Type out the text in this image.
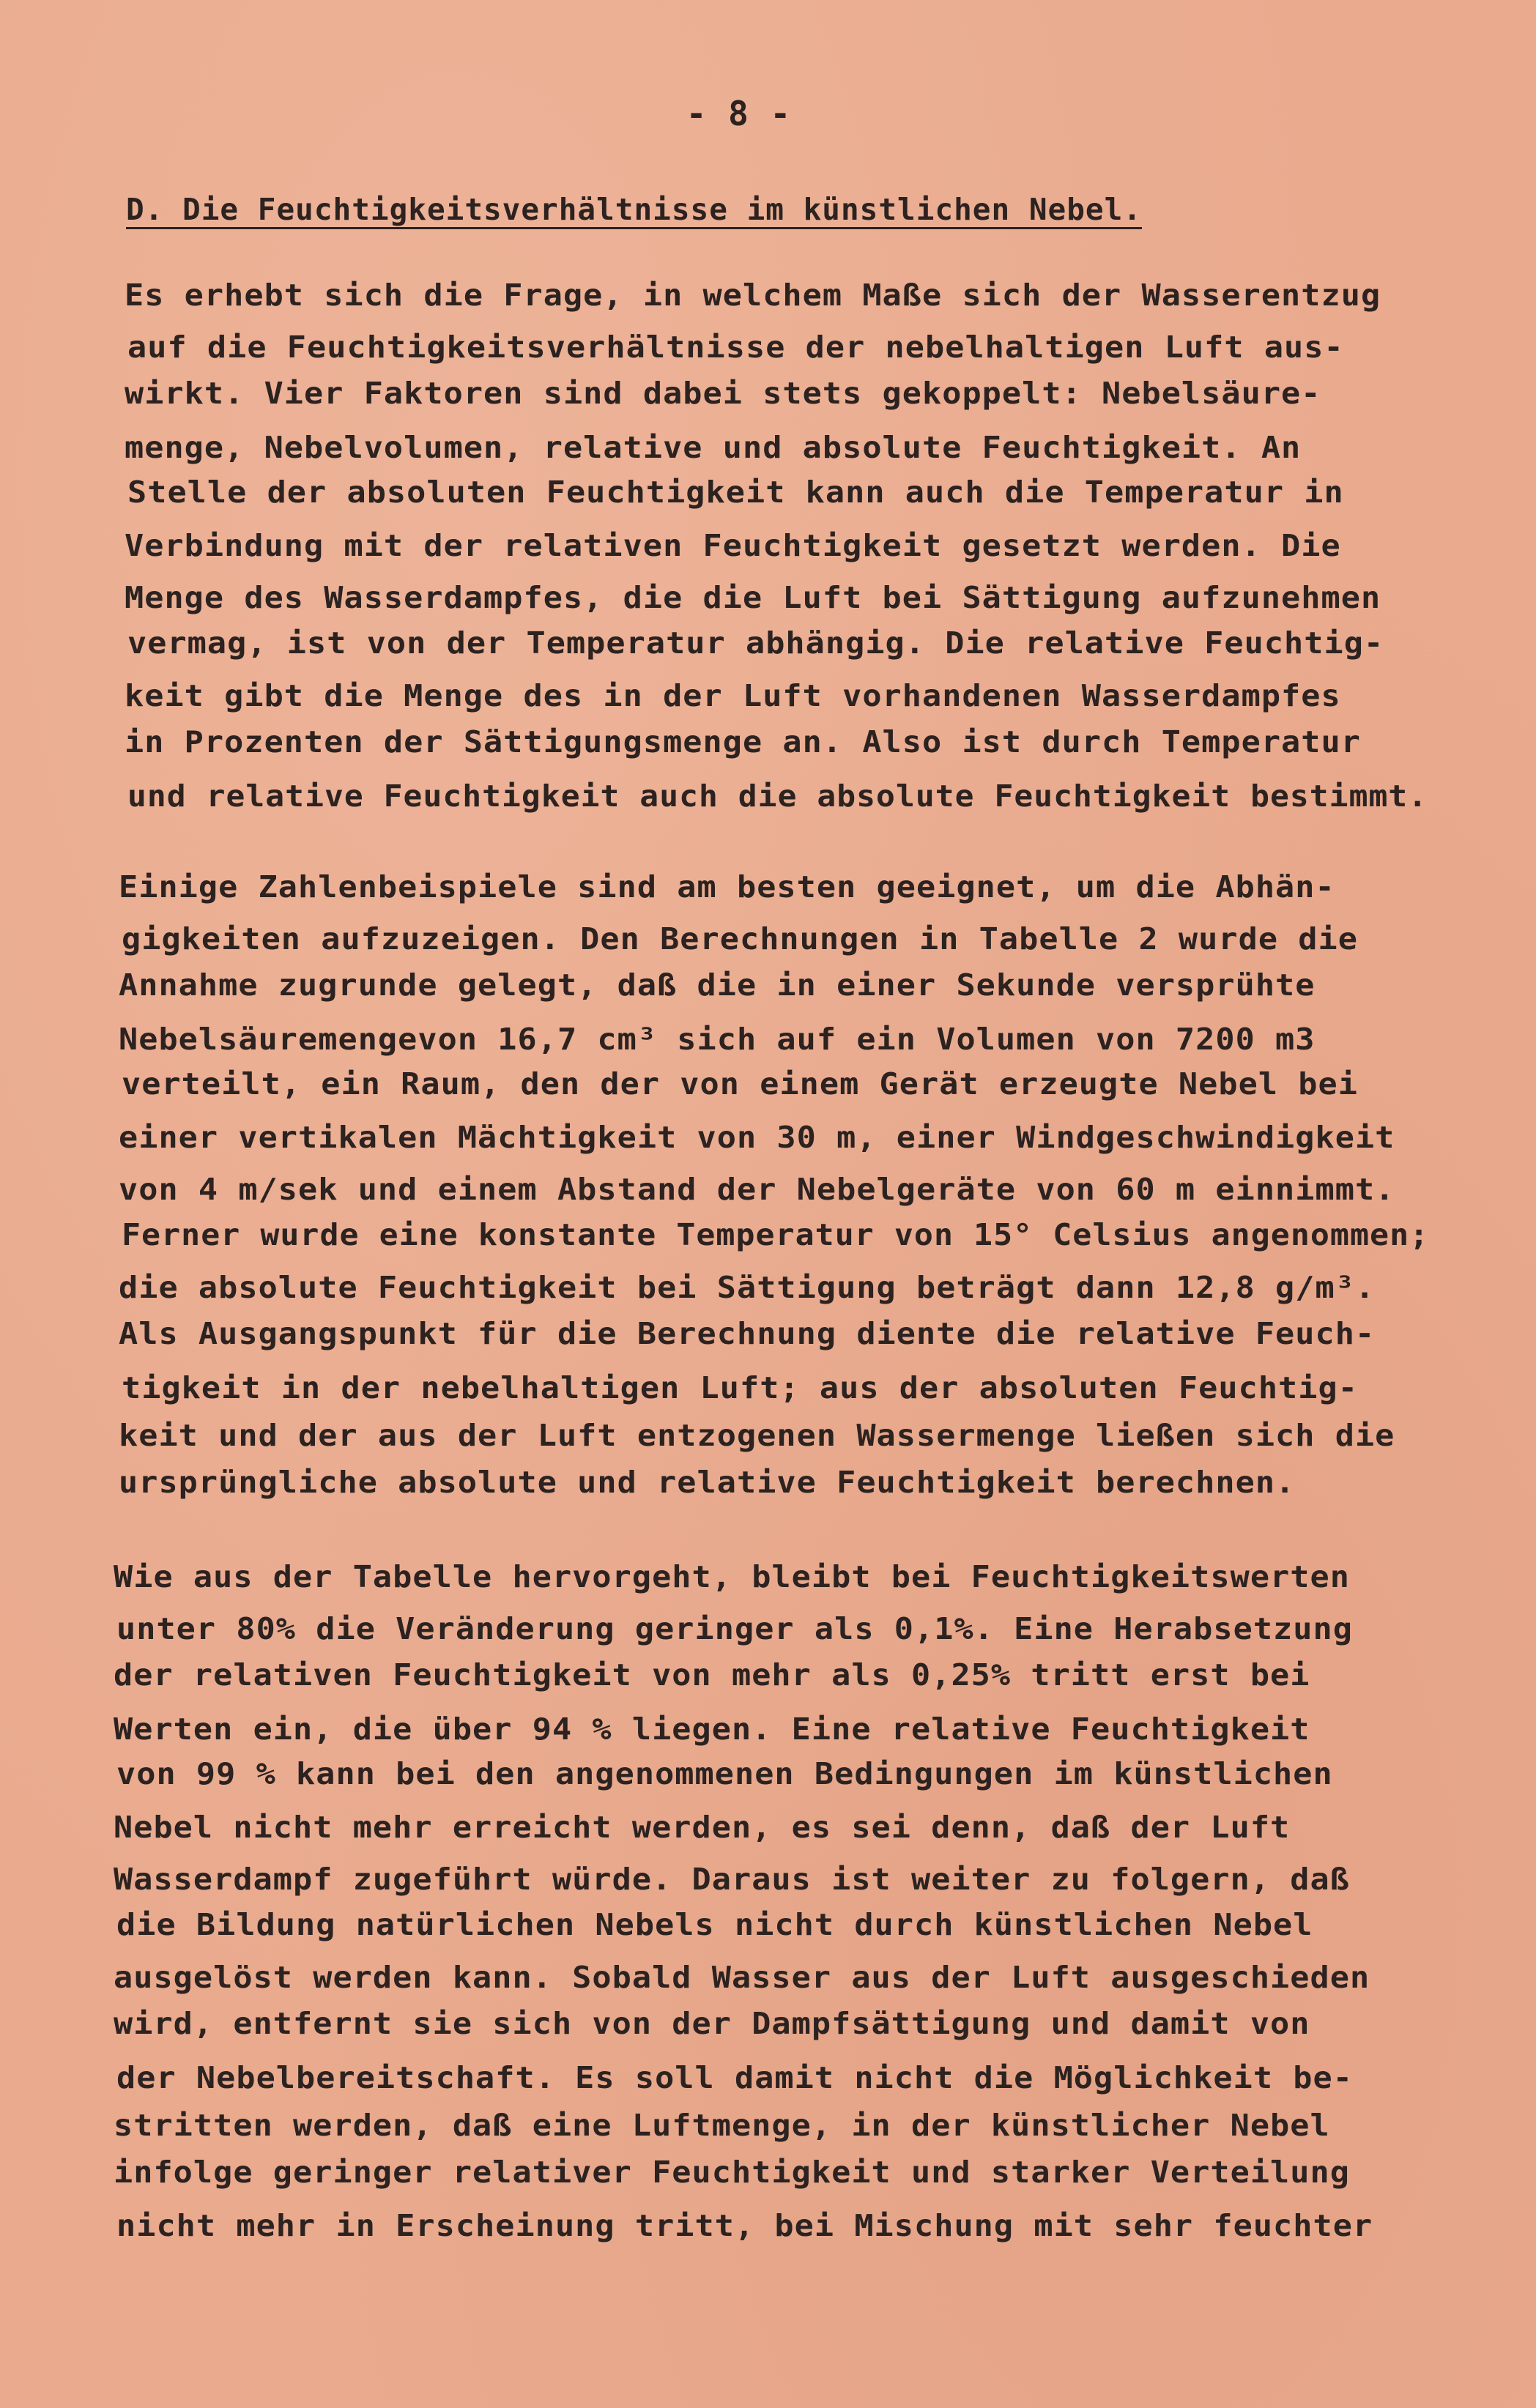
- 8 -
D. Die Feuchtigkeitsverhältnisse im künstlichen Nebel.
Es erhebt sich die Frage, in welchem Maße sich der Wasserentzug
auf die Feuchtigkeitsverhältnisse der nebelhaltigen Luft aus-
wirkt. Vier Faktoren sind dabei stets gekoppelt: Nebelsäure-
menge, Nebelvolumen, relative und absolute Feuchtigkeit. An
Stelle der absoluten Feuchtigkeit kann auch die Temperatur in
Verbindung mit der relativen Feuchtigkeit gesetzt werden. Die
Menge des Wasserdampfes, die die Luft bei Sättigung aufzunehmen
vermag, ist von der Temperatur abhängig. Die relative Feuchtig-
keit gibt die Menge des in der Luft vorhandenen Wasserdampfes
in Prozenten der Sättigungsmenge an. Also ist durch Temperatur
und relative Feuchtigkeit auch die absolute Feuchtigkeit bestimmt.
Einige Zahlenbeispiele sind am besten geeignet, um die Abhän-
gigkeiten aufzuzeigen. Den Berechnungen in Tabelle 2 wurde die
Annahme zugrunde gelegt, daß die in einer Sekunde versprühte
Nebelsäuremengevon 16,7 cm³ sich auf ein Volumen von 7200 m3
verteilt, ein Raum, den der von einem Gerät erzeugte Nebel bei
einer vertikalen Mächtigkeit von 30 m, einer Windgeschwindigkeit
von 4 m/sek und einem Abstand der Nebelgeräte von 60 m einnimmt.
Ferner wurde eine konstante Temperatur von 15° Celsius angenommen;
die absolute Feuchtigkeit bei Sättigung beträgt dann 12,8 g/m³.
Als Ausgangspunkt für die Berechnung diente die relative Feuch-
tigkeit in der nebelhaltigen Luft; aus der absoluten Feuchtig-
keit und der aus der Luft entzogenen Wassermenge ließen sich die
ursprüngliche absolute und relative Feuchtigkeit berechnen.
Wie aus der Tabelle hervorgeht, bleibt bei Feuchtigkeitswerten
unter 80% die Veränderung geringer als 0,1%. Eine Herabsetzung
der relativen Feuchtigkeit von mehr als 0,25% tritt erst bei
Werten ein, die über 94 % liegen. Eine relative Feuchtigkeit
von 99 % kann bei den angenommenen Bedingungen im künstlichen
Nebel nicht mehr erreicht werden, es sei denn, daß der Luft
Wasserdampf zugeführt würde. Daraus ist weiter zu folgern, daß
die Bildung natürlichen Nebels nicht durch künstlichen Nebel
ausgelöst werden kann. Sobald Wasser aus der Luft ausgeschieden
wird, entfernt sie sich von der Dampfsättigung und damit von
der Nebelbereitschaft. Es soll damit nicht die Möglichkeit be-
stritten werden, daß eine Luftmenge, in der künstlicher Nebel
infolge geringer relativer Feuchtigkeit und starker Verteilung
nicht mehr in Erscheinung tritt, bei Mischung mit sehr feuchter
